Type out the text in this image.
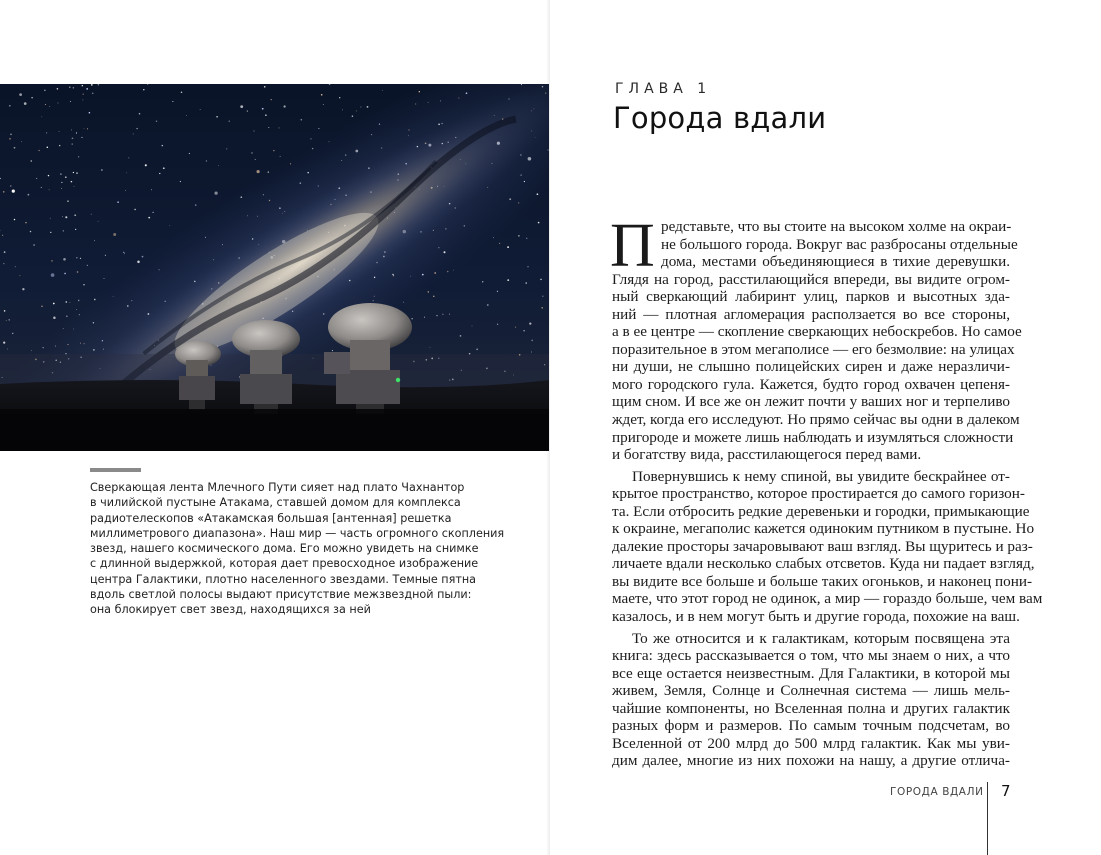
Сверкающая лента Млечного Пути сияет над плато Чахнантор
в чилийской пустыне Атакама, ставшей домом для комплекса
радиотелескопов «Атакамская большая [антенная] решетка
миллиметрового диапазона». Наш мир — часть огромного скопления
звезд, нашего космического дома. Его можно увидеть на снимке
с длинной выдержкой, которая дает превосходное изображение
центра Галактики, плотно населенного звездами. Темные пятна
вдоль светлой полосы выдают присутствие межзвездной пыли:
она блокирует свет звезд, находящихся за ней
ГЛАВА 1
Города вдали
П редставьте, что вы стоите на высоком холме на окраи-
не большого города. Вокруг вас разбросаны отдельные
дома, местами объединяющиеся в тихие деревушки.
Глядя на город, расстилающийся впереди, вы видите огром-
ный сверкающий лабиринт улиц, парков и высотных зда-
ний — плотная агломерация расползается во все стороны,
а в ее центре — скопление сверкающих небоскребов. Но самое
поразительное в этом мегаполисе — его безмолвие: на улицах
ни души, не слышно полицейских сирен и даже неразличи-
мого городского гула. Кажется, будто город охвачен цепеня-
щим сном. И все же он лежит почти у ваших ног и терпеливо
ждет, когда его исследуют. Но прямо сейчас вы одни в далеком
пригороде и можете лишь наблюдать и изумляться сложности
и богатству вида, расстилающегося перед вами.
Повернувшись к нему спиной, вы увидите бескрайнее от-
крытое пространство, которое простирается до самого горизон-
та. Если отбросить редкие деревеньки и городки, примыкающие
к окраине, мегаполис кажется одиноким путником в пустыне. Но
далекие просторы зачаровывают ваш взгляд. Вы щуритесь и раз-
личаете вдали несколько слабых отсветов. Куда ни падает взгляд,
вы видите все больше и больше таких огоньков, и наконец пони-
маете, что этот город не одинок, а мир — гораздо больше, чем вам
казалось, и в нем могут быть и другие города, похожие на ваш.
То же относится и к галактикам, которым посвящена эта
книга: здесь рассказывается о том, что мы знаем о них, а что
все еще остается неизвестным. Для Галактики, в которой мы
живем, Земля, Солнце и Солнечная система — лишь мель-
чайшие компоненты, но Вселенная полна и других галактик
разных форм и размеров. По самым точным подсчетам, во
Вселенной от 200 млрд до 500 млрд галактик. Как мы уви-
дим далее, многие из них похожи на нашу, а другие отлича-
ГОРОДА ВДАЛИ 7
